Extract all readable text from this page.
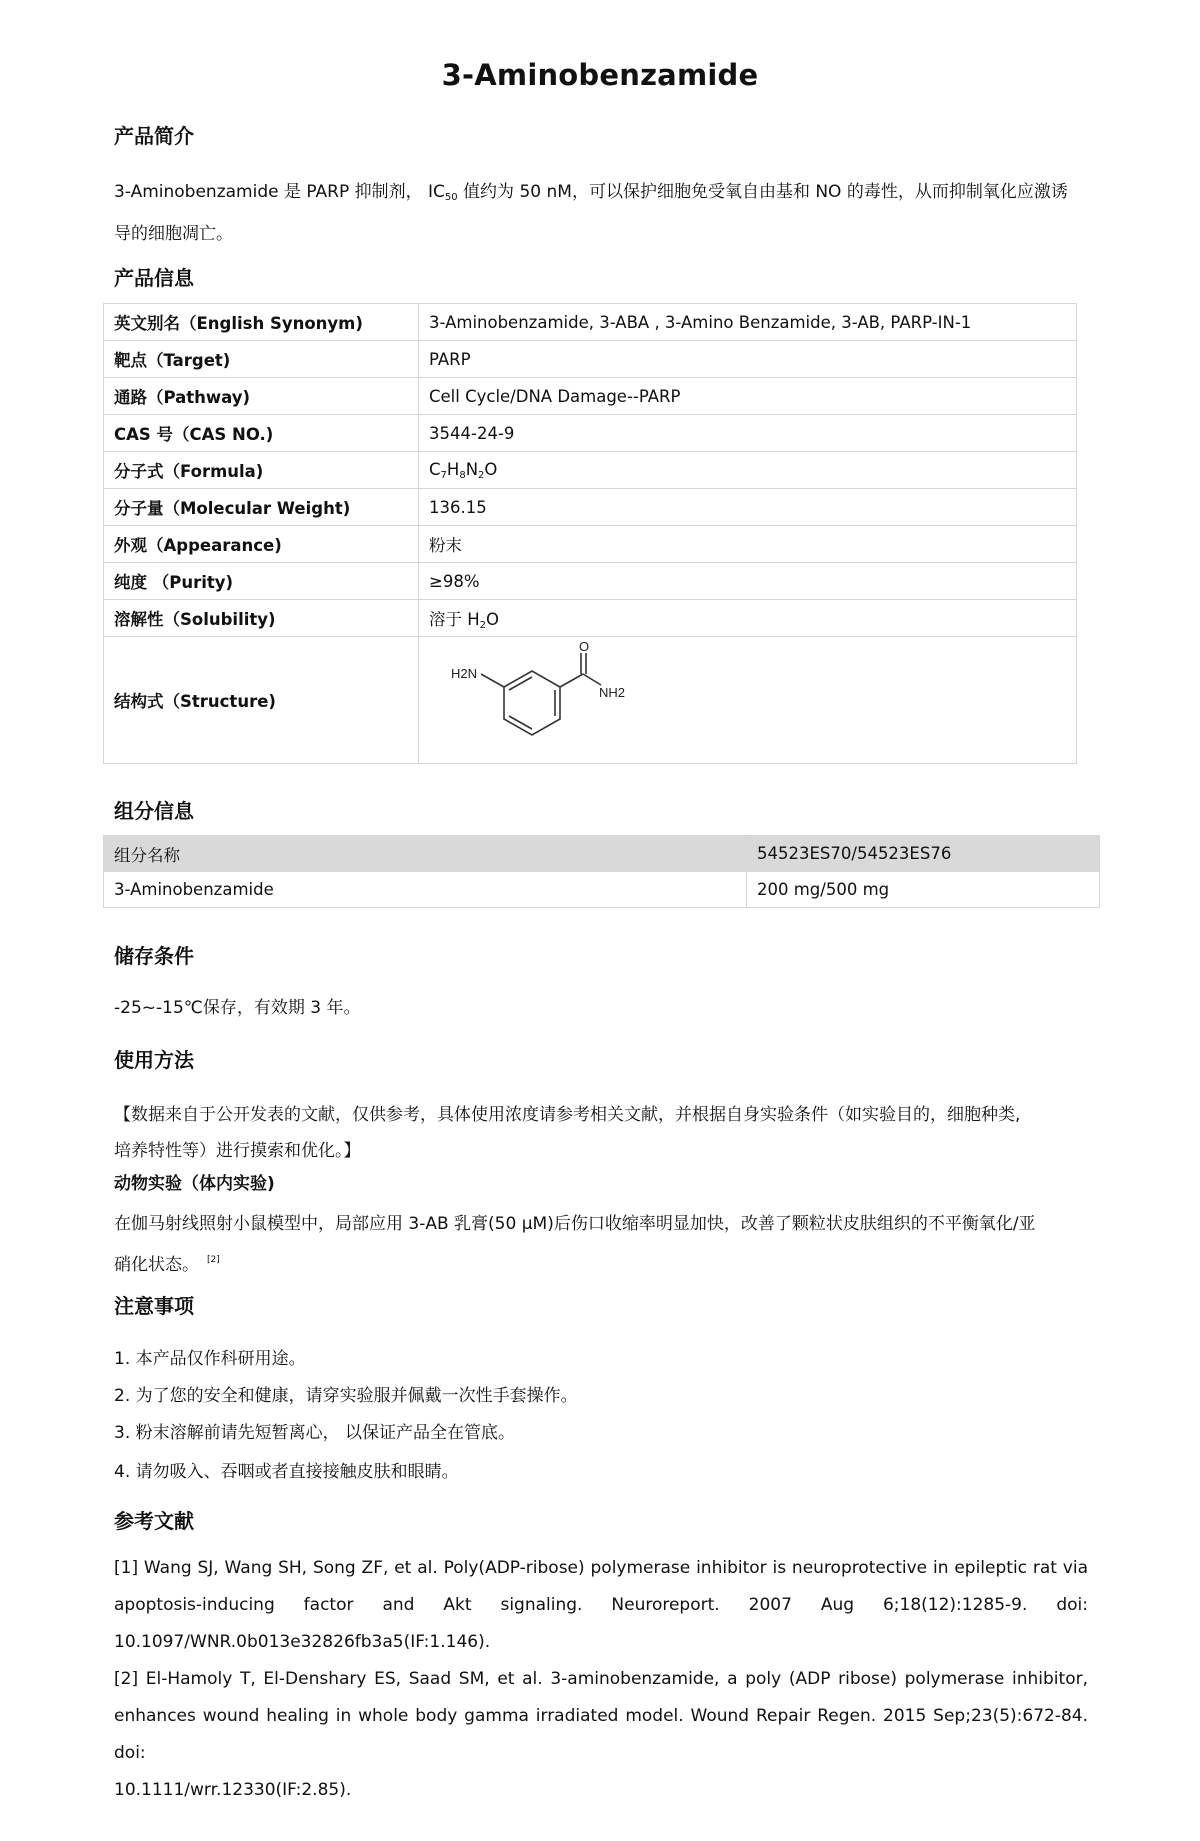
3-Aminobenzamide
产品简介
3-Aminobenzamide 是 PARP 抑制剂， $IC_{50}$ 值约为 50 nM，可以保护细胞免受氧自由基和 NO 的毒性，从而抑制氧化应激诱
导的细胞凋亡。
产品信息
英文别名（English Synonym)	3-Aminobenzamide, 3-ABA , 3-Amino Benzamide, 3-AB, PARP-IN-1
靶点（Target)	PARP
通路（Pathway)	Cell Cycle/DNA Damage--PARP
CAS 号（CAS NO.)	3544-24-9
分子式（Formula)	$C_7H_8N_2O$
分子量（Molecular Weight)	136.15
外观（Appearance)	粉末
纯度 （Purity)	≥98%
溶解性（Solubility)	溶于 $H_2O$
结构式（Structure)	O
H2N
NH2
组分信息
组分名称	54523ES70/54523ES76
3-Aminobenzamide	200 mg/500 mg
储存条件
-25~-15℃保存，有效期 3 年。
使用方法
【数据来自于公开发表的文献，仅供参考，具体使用浓度请参考相关文献，并根据自身实验条件（如实验目的，细胞种类,
培养特性等）进行摸索和优化。】
动物实验（体内实验)
在伽马射线照射小鼠模型中，局部应用 3-AB 乳膏(50 μM)后伤口收缩率明显加快，改善了颗粒状皮肤组织的不平衡氧化/亚
硝化状态。 [2]
注意事项
1. 本产品仅作科研用途。
2. 为了您的安全和健康，请穿实验服并佩戴一次性手套操作。
3. 粉末溶解前请先短暂离心， 以保证产品全在管底。
4. 请勿吸入、吞咽或者直接接触皮肤和眼睛。
参考文献
[1] Wang SJ, Wang SH, Song ZF, et al. Poly(ADP-ribose) polymerase inhibitor is neuroprotective in epileptic rat via
apoptosis-inducing factor and Akt signaling. Neuroreport. 2007 Aug 6;18(12):1285-9. doi:
10.1097/WNR.0b013e32826fb3a5(IF:1.146).
[2] El-Hamoly T, El-Denshary ES, Saad SM, et al. 3-aminobenzamide, a poly (ADP ribose) polymerase inhibitor,
enhances wound healing in whole body gamma irradiated model. Wound Repair Regen. 2015 Sep;23(5):672-84. doi:
10.1111/wrr.12330(IF:2.85).
